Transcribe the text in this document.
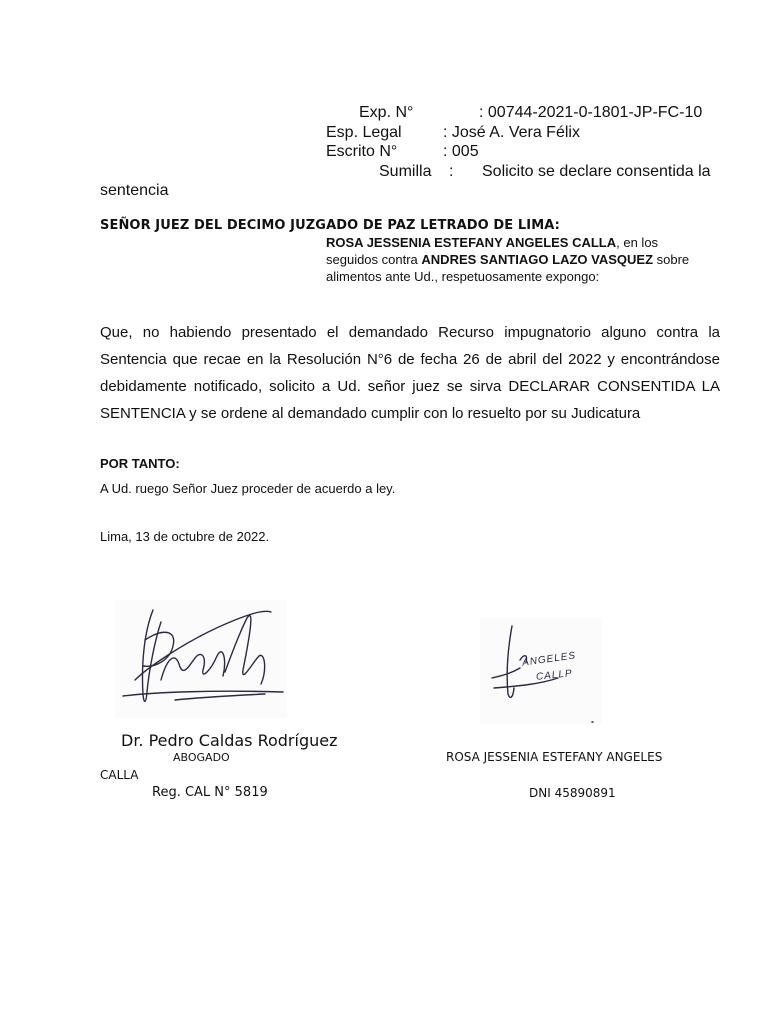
Exp. N°	: 00744-2021-0-1801-JP-FC-10
Esp. Legal	: José A. Vera Félix
Escrito N°	: 005
Sumilla : Solicito se declare consentida la
sentencia
SEÑOR JUEZ DEL DECIMO JUZGADO DE PAZ LETRADO DE LIMA:
ROSA JESSENIA ESTEFANY ANGELES CALLA, en los
seguidos contra ANDRES SANTIAGO LAZO VASQUEZ sobre
alimentos ante Ud., respetuosamente expongo:
Que, no habiendo presentado el demandado Recurso impugnatorio alguno contra la Sentencia que recae en la Resolución N°6 de fecha 26 de abril del 2022 y encontrándose debidamente notificado, solicito a Ud. señor juez se sirva DECLARAR CONSENTIDA LA SENTENCIA y se ordene al demandado cumplir con lo resuelto por su Judicatura
POR TANTO:
A Ud. ruego Señor Juez proceder de acuerdo a ley.
Lima, 13 de octubre de 2022.
ANGELES
CALLP
Dr. Pedro Caldas Rodríguez
ABOGADO	ROSA JESSENIA ESTEFANY ANGELES
CALLA
Reg. CAL N° 5819	DNI 45890891
